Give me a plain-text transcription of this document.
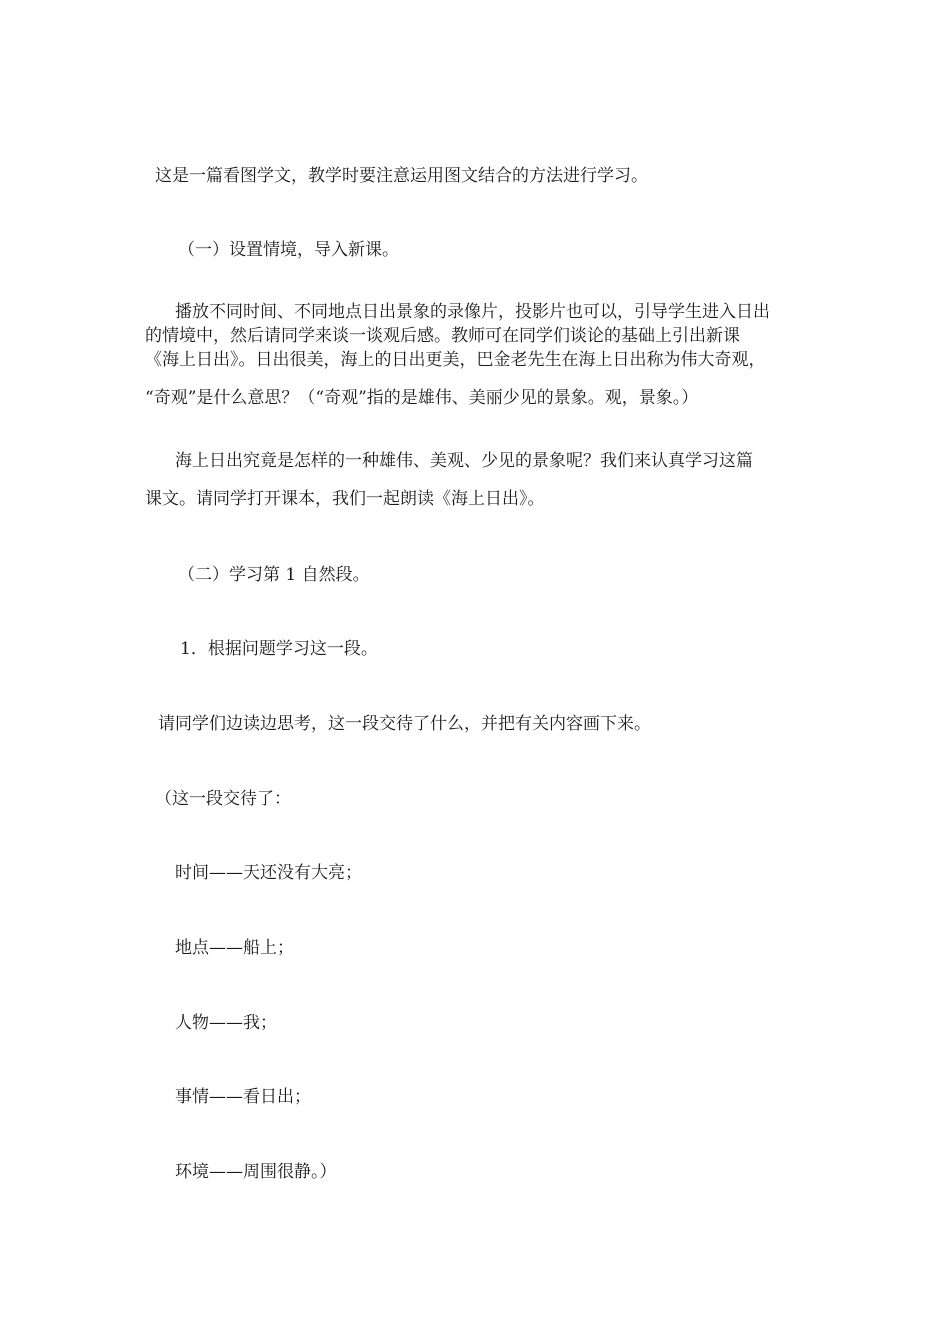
这是一篇看图学文，教学时要注意运用图文结合的方法进行学习。
（一）设置情境，导入新课。
播放不同时间、不同地点日出景象的录像片，投影片也可以，引导学生进入日出
的情境中，然后请同学来谈一谈观后感。教师可在同学们谈论的基础上引出新课
《海上日出》。日出很美，海上的日出更美，巴金老先生在海上日出称为伟大奇观，
“奇观”是什么意思？（“奇观”指的是雄伟、美丽少见的景象。观，景象。）
海上日出究竟是怎样的一种雄伟、美观、少见的景象呢？我们来认真学习这篇
课文。请同学打开课本，我们一起朗读《海上日出》。
（二）学习第 1 自然段。
1．根据问题学习这一段。
请同学们边读边思考，这一段交待了什么，并把有关内容画下来。
（这一段交待了：
时间——天还没有大亮；
地点——船上；
人物——我；
事情——看日出；
环境——周围很静。）
